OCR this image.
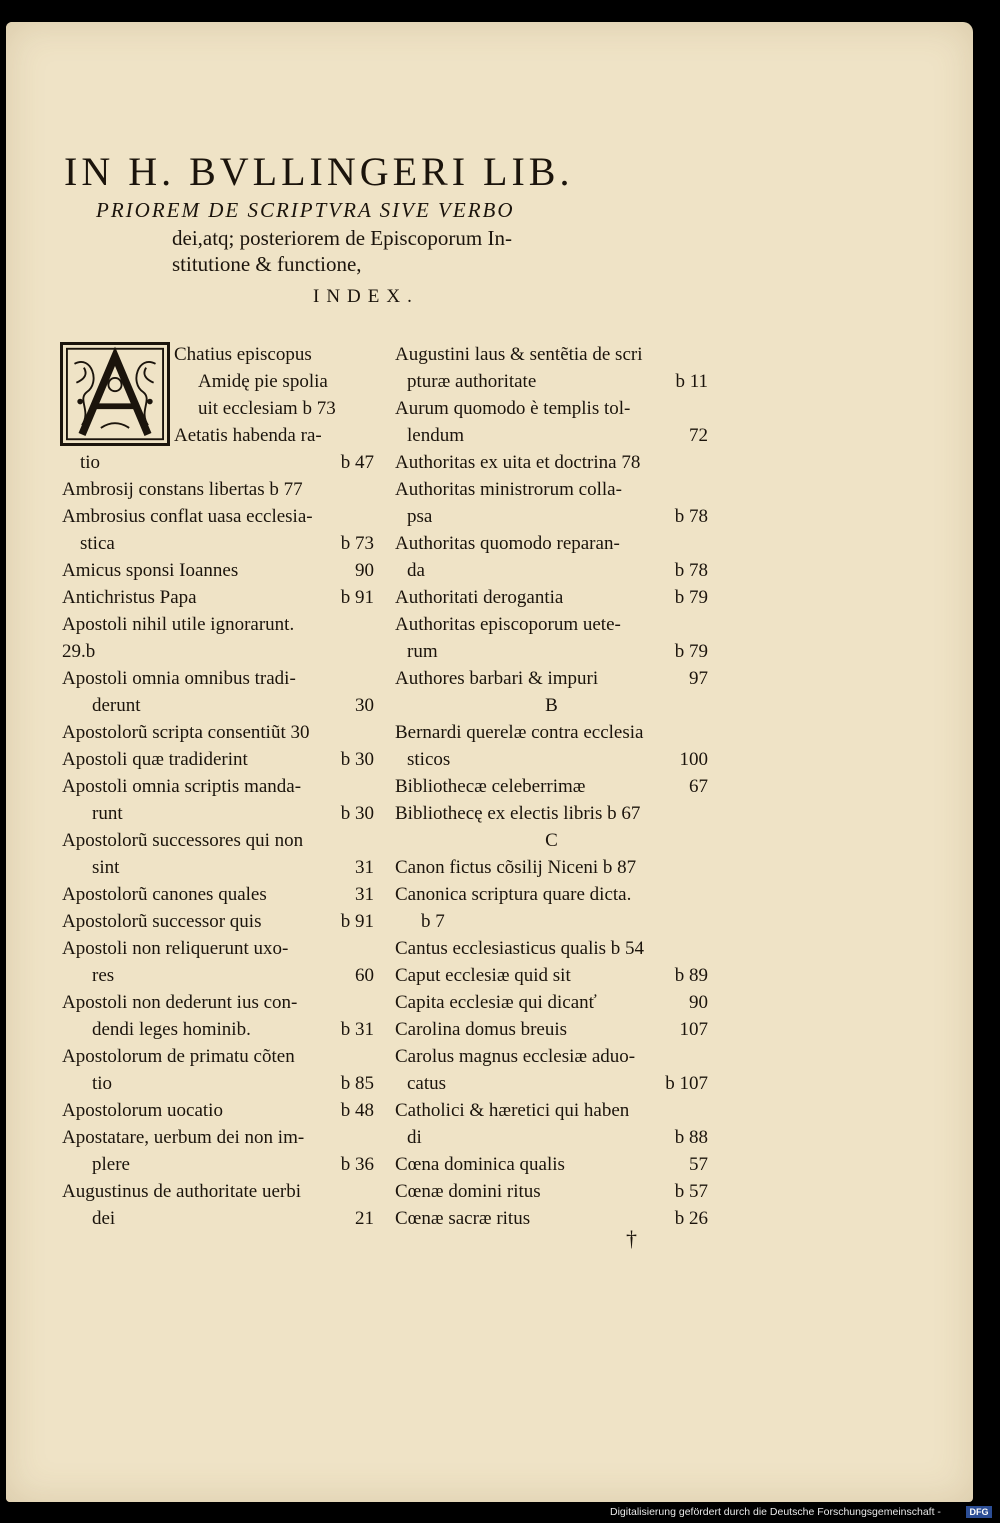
IN H. BVLLINGERI LIB.
PRIOREM DE SCRIPTVRA SIVE VERBO
dei,atq; posteriorem de Episcoporum In-
stitutione & functione,
INDEX.
Chatius episcopus
Amidę pie spolia
uit ecclesiam b 73
Aetatis habenda ra-
tio	b 47
Ambrosij constans libertas b 77
Ambrosius conflat uasa ecclesia-
stica	b 73
Amicus sponsi Ioannes	90
Antichristus Papa	b 91
Apostoli nihil utile ignorarunt.
29.b
Apostoli omnia omnibus tradi-
derunt	30
Apostolorũ scripta consentiũt 30
Apostoli quæ tradiderint	b 30
Apostoli omnia scriptis manda-
runt	b 30
Apostolorũ successores qui non
sint	31
Apostolorũ canones quales	31
Apostolorũ successor quis	b 91
Apostoli non reliquerunt uxo-
res	60
Apostoli non dederunt ius con-
dendi leges hominib.	b 31
Apostolorum de primatu cõten
tio	b 85
Apostolorum uocatio	b 48
Apostatare, uerbum dei non im-
plere	b 36
Augustinus de authoritate uerbi
dei	21
Augustini laus & sentẽtia de scri
pturæ authoritate	b 11
Aurum quomodo è templis tol-
lendum	72
Authoritas ex uita et doctrina 78
Authoritas ministrorum colla-
psa	b 78
Authoritas quomodo reparan-
da	b 78
Authoritati derogantia	b 79
Authoritas episcoporum uete-
rum	b 79
Authores barbari & impuri	97
B
Bernardi querelæ contra ecclesia
sticos	100
Bibliothecæ celeberrimæ	67
Bibliothecę ex electis libris b 67
C
Canon fictus cõsilij Niceni b 87
Canonica scriptura quare dicta.
b 7
Cantus ecclesiasticus qualis b 54
Caput ecclesiæ quid sit	b 89
Capita ecclesiæ qui dicanť	90
Carolina domus breuis	107
Carolus magnus ecclesiæ aduo-
catus	b 107
Catholici & hæretici qui haben
di	b 88
Cœna dominica qualis	57
Cœnæ domini ritus	b 57
Cœnæ sacræ ritus	b 26
†
Digitalisierung gefördert durch die Deutsche Forschungsgemeinschaft -	DFG
